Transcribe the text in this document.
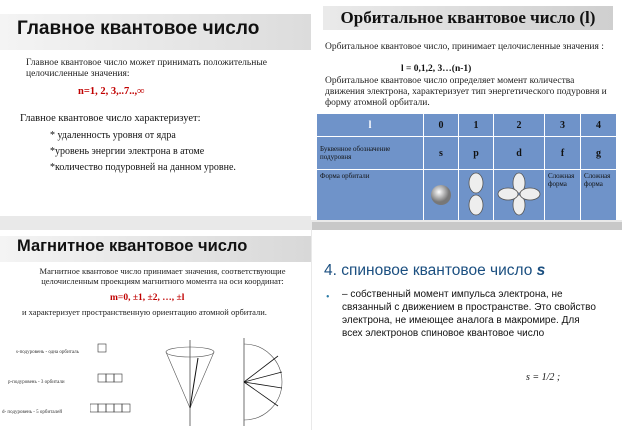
Главное квантовое число
Главное квантовое число может принимать положительные целочисленные значения:
n=1, 2, 3,..7..,∞
Главное квантовое число характеризует:
* удаленность уровня от ядра
*уровень энергии электрона в атоме
*количество подуровней на данном уровне.
Орбитальное квантовое число (l)
Орбитальное квантовое число, принимает целочисленные значения :
l = 0,1,2, 3…(n-1)
Орбитальное квантовое число определяет момент количества движения электрона, характеризует тип энергетического подуровня и форму атомной орбитали.
l	0	1	2	3	4
Буквенное обозначение подуровня	s	p	d	f	g
Форма орбитали				Сложная форма	Сложная форма
Магнитное квантовое число
Магнитное квантовое число принимает значения, соответствующие целочисленным проекциям магнитного момента на оси координат:
m=0, ±1, ±2, …, ±l
и характеризует пространственную ориентацию атомной орбитали.
s-подуровень - одна орбиталь
p-подуровень - 3 орбитали
d- подуровень - 5 орбиталей
4. спиновое квантовое число s
• – собственный момент импульса электрона, не связанный с движением в пространстве. Это свойство электрона, не имеющее аналога в макромире. Для всех электронов спиновое квантовое число
s = 1/2 ;
